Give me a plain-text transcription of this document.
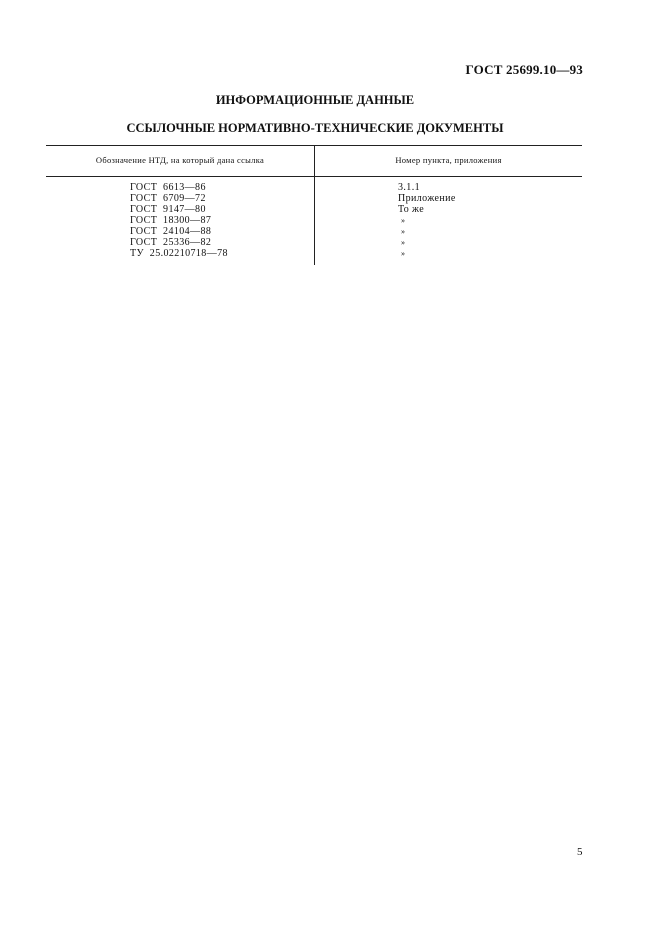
ГОСТ 25699.10—93
ИНФОРМАЦИОННЫЕ ДАННЫЕ
ССЫЛОЧНЫЕ НОРМАТИВНО-ТЕХНИЧЕСКИЕ ДОКУМЕНТЫ
Обозначение НТД, на который дана ссылка	Номер пункта, приложения
ГОСТ  6613—86
ГОСТ  6709—72
ГОСТ  9147—80
ГОСТ  18300—87
ГОСТ  24104—88
ГОСТ  25336—82
ТУ  25.02210718—78
3.1.1
Приложение
То же
»
»
»
»
5
